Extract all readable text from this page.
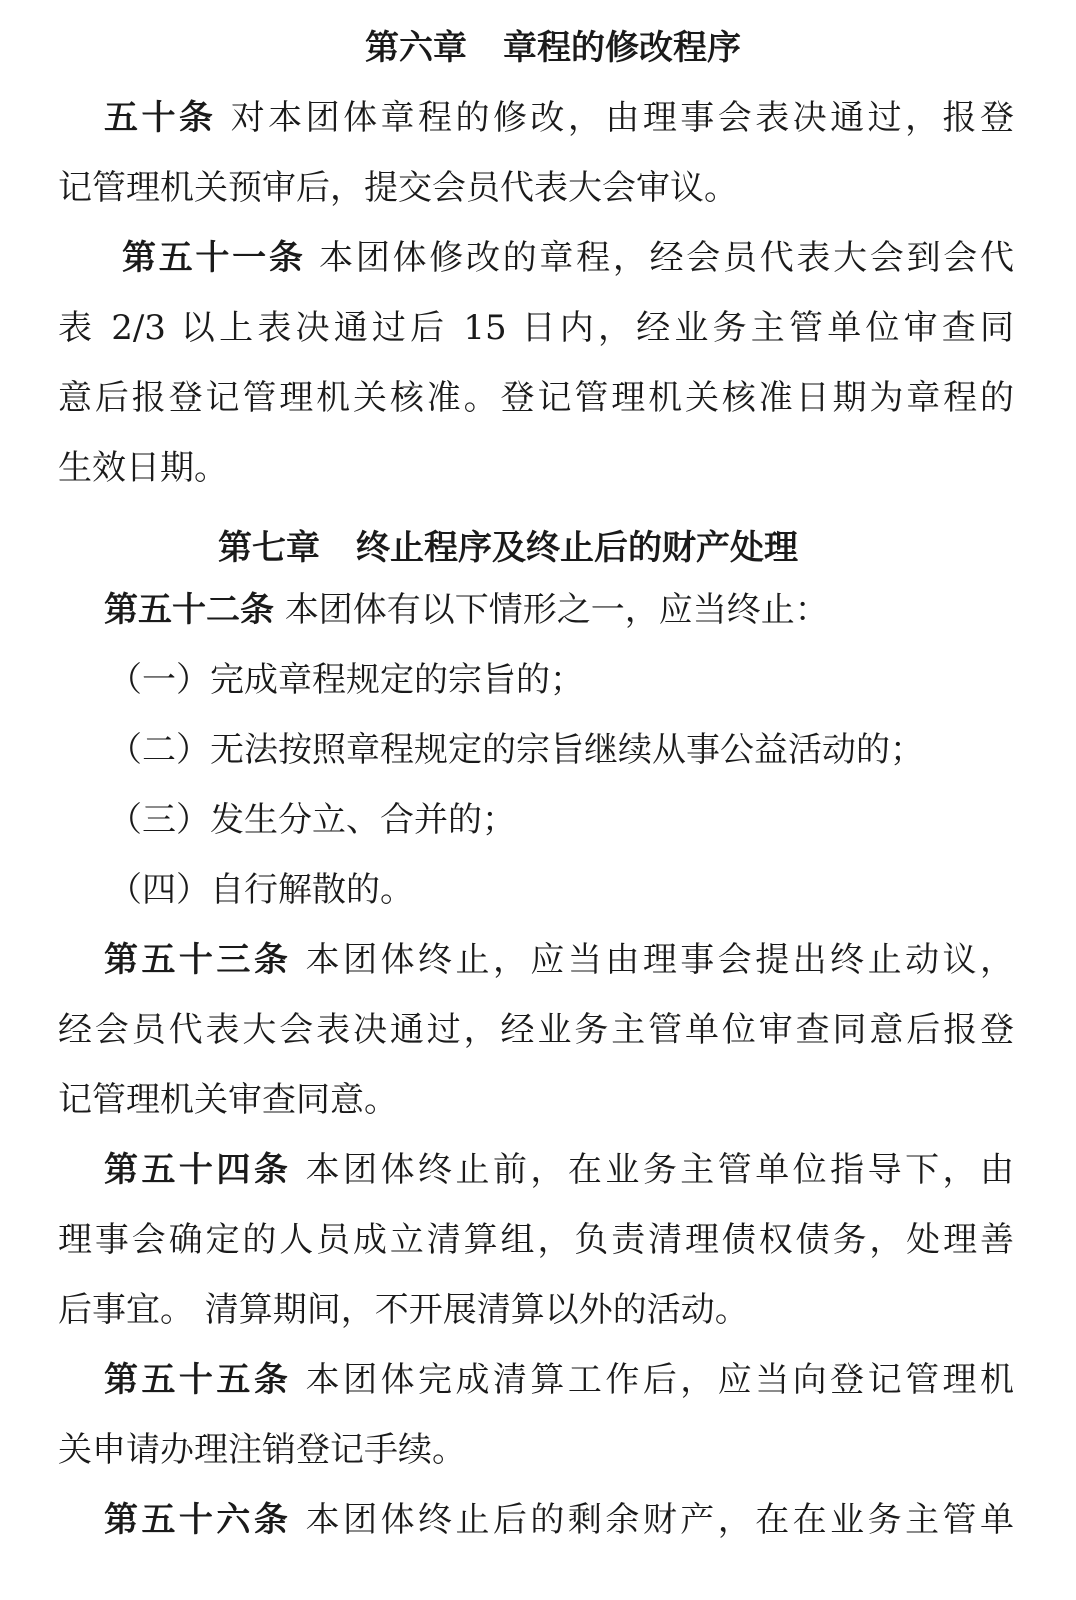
第六章 章程的修改程序
五十条 对本团体章程的修改，由理事会表决通过，报登
记管理机关预审后，提交会员代表大会审议。
第五十一条 本团体修改的章程，经会员代表大会到会代
表 2/3 以上表决通过后 15 日内，经业务主管单位审查同
意后报登记管理机关核准。登记管理机关核准日期为章程的
生效日期。
第七章 终止程序及终止后的财产处理
第五十二条 本团体有以下情形之一，应当终止：
（一）完成章程规定的宗旨的；
（二）无法按照章程规定的宗旨继续从事公益活动的；
（三）发生分立、合并的；
（四）自行解散的。
第五十三条 本团体终止，应当由理事会提出终止动议，
经会员代表大会表决通过，经业务主管单位审查同意后报登
记管理机关审查同意。
第五十四条 本团体终止前，在业务主管单位指导下，由
理事会确定的人员成立清算组，负责清理债权债务，处理善
后事宜。 清算期间，不开展清算以外的活动。
第五十五条 本团体完成清算工作后，应当向登记管理机
关申请办理注销登记手续。
第五十六条 本团体终止后的剩余财产，在在业务主管单
